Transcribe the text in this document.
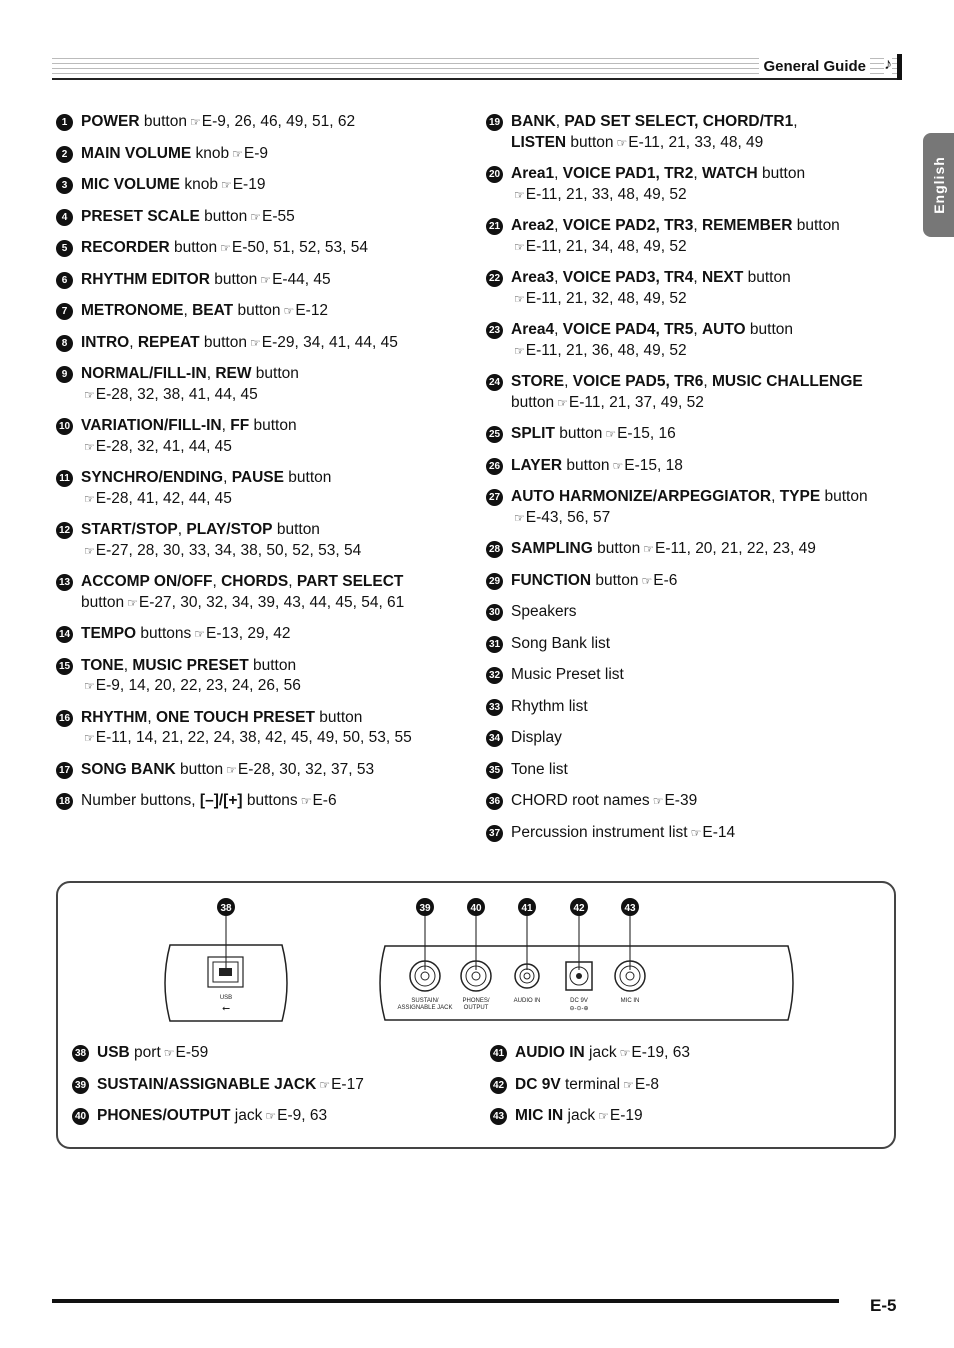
General Guide ♪
English
1 POWER button ☞ E-9, 26, 46, 49, 51, 62
2 MAIN VOLUME knob ☞ E-9
3 MIC VOLUME knob ☞ E-19
4 PRESET SCALE button ☞ E-55
5 RECORDER button ☞ E-50, 51, 52, 53, 54
6 RHYTHM EDITOR button ☞ E-44, 45
7 METRONOME, BEAT button ☞ E-12
8 INTRO, REPEAT button ☞ E-29, 34, 41, 44, 45
9 NORMAL/FILL-IN, REW button
☞ E-28, 32, 38, 41, 44, 45
10 VARIATION/FILL-IN, FF button
☞ E-28, 32, 41, 44, 45
11 SYNCHRO/ENDING, PAUSE button
☞ E-28, 41, 42, 44, 45
12 START/STOP, PLAY/STOP button
☞ E-27, 28, 30, 33, 34, 38, 50, 52, 53, 54
13 ACCOMP ON/OFF, CHORDS, PART SELECT
button ☞ E-27, 30, 32, 34, 39, 43, 44, 45, 54, 61
14 TEMPO buttons ☞ E-13, 29, 42
15 TONE, MUSIC PRESET button
☞ E-9, 14, 20, 22, 23, 24, 26, 56
16 RHYTHM, ONE TOUCH PRESET button
☞ E-11, 14, 21, 22, 24, 38, 42, 45, 49, 50, 53, 55
17 SONG BANK button ☞ E-28, 30, 32, 37, 53
18 Number buttons, [–]/[+] buttons ☞ E-6
19 BANK, PAD SET SELECT, CHORD/TR1,
LISTEN button ☞ E-11, 21, 33, 48, 49
20 Area1, VOICE PAD1, TR2, WATCH button
☞ E-11, 21, 33, 48, 49, 52
21 Area2, VOICE PAD2, TR3, REMEMBER button
☞ E-11, 21, 34, 48, 49, 52
22 Area3, VOICE PAD3, TR4, NEXT button
☞ E-11, 21, 32, 48, 49, 52
23 Area4, VOICE PAD4, TR5, AUTO button
☞ E-11, 21, 36, 48, 49, 52
24 STORE, VOICE PAD5, TR6, MUSIC CHALLENGE
button ☞ E-11, 21, 37, 49, 52
25 SPLIT button ☞ E-15, 16
26 LAYER button ☞ E-15, 18
27 AUTO HARMONIZE/ARPEGGIATOR, TYPE button
☞ E-43, 56, 57
28 SAMPLING button ☞ E-11, 20, 21, 22, 23, 49
29 FUNCTION button ☞ E-6
30 Speakers
31 Song Bank list
32 Music Preset list
33 Rhythm list
34 Display
35 Tone list
36 CHORD root names ☞ E-39
37 Percussion instrument list ☞ E-14
38	39	40	41	42	43
USB
⭠
SUSTAIN/
ASSIGNABLE JACK
PHONES/
OUTPUT
AUDIO IN	DC 9V
⊖-⊙-⊕
MIC IN
38 USB port ☞ E-59
39 SUSTAIN/ASSIGNABLE JACK ☞ E-17
40 PHONES/OUTPUT jack ☞ E-9, 63
41 AUDIO IN jack ☞ E-19, 63
42 DC 9V terminal ☞ E-8
43 MIC IN jack ☞ E-19
E-5
